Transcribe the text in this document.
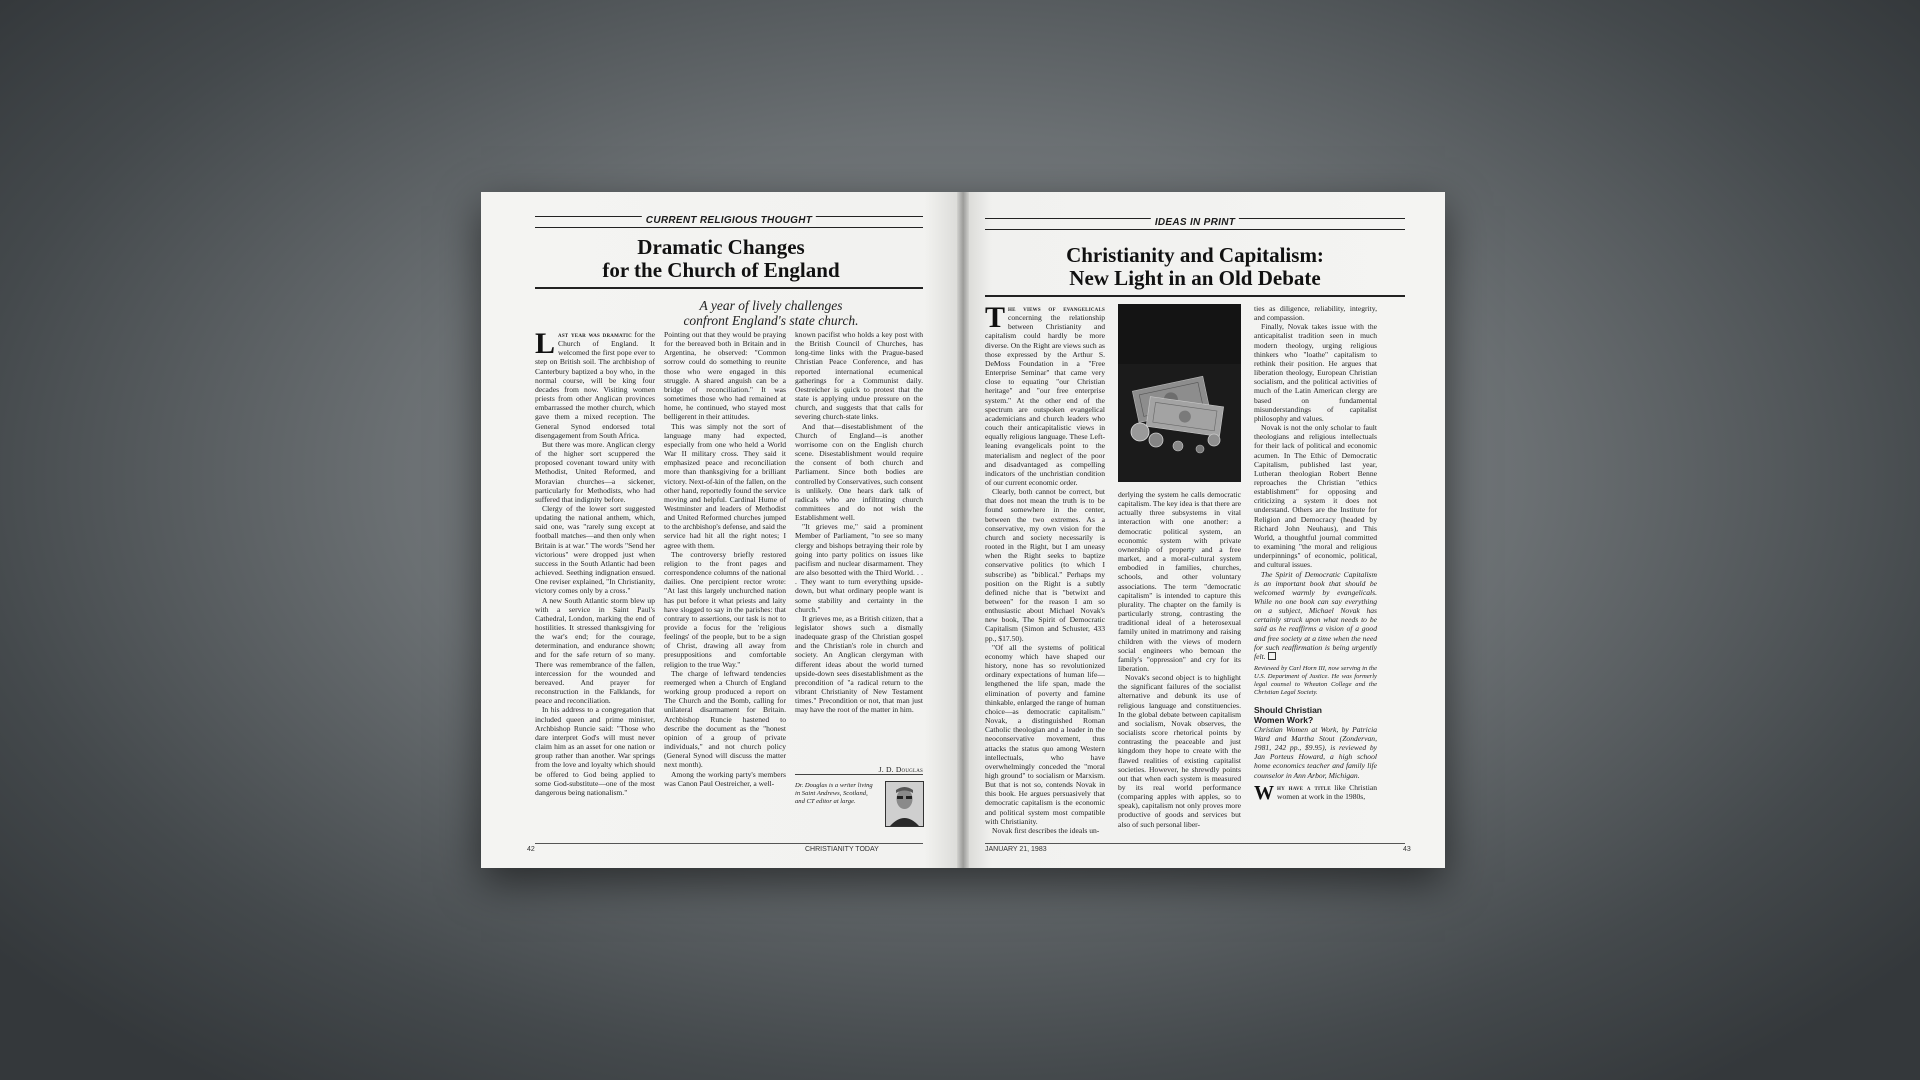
CURRENT RELIGIOUS THOUGHT
Dramatic Changes
for the Church of England
A year of lively challenges
confront England's state church.

Last year was dramatic for the Church of England. It welcomed the first pope ever to step on British soil. The archbishop of Canterbury baptized a boy who, in the normal course, will be king four decades from now. Visiting women priests from other Anglican provinces embarrassed the mother church, which gave them a mixed reception. The General Synod endorsed total disengagement from South Africa.

But there was more. Anglican clergy of the higher sort scuppered the proposed covenant toward unity with Methodist, United Reformed, and Moravian churches—a sickener, particularly for Methodists, who had suffered that indignity before.

Clergy of the lower sort suggested updating the national anthem, which, said one, was "rarely sung except at football matches—and then only when Britain is at war." The words "Send her victorious" were dropped just when success in the South Atlantic had been achieved. Seething indignation ensued. One reviser explained, "In Christianity, victory comes only by a cross."

A new South Atlantic storm blew up with a service in Saint Paul's Cathedral, London, marking the end of hostilities. It stressed thanksgiving for the war's end; for the courage, determination, and endurance shown; and for the safe return of so many. There was remembrance of the fallen, intercession for the wounded and bereaved. And prayer for reconstruction in the Falklands, for peace and reconciliation.

In his address to a congregation that included queen and prime minister, Archbishop Runcie said: "Those who dare interpret God's will must never claim him as an asset for one nation or group rather than another. War springs from the love and loyalty which should be offered to God being applied to some God-substitute—one of the most dangerous being nationalism."

Pointing out that they would be praying for the bereaved both in Britain and in Argentina, he observed: "Common sorrow could do something to reunite those who were engaged in this struggle. A shared anguish can be a bridge of reconciliation." It was sometimes those who had remained at home, he continued, who stayed most belligerent in their attitudes.

This was simply not the sort of language many had expected, especially from one who held a World War II military cross. They said it emphasized peace and reconciliation more than thanksgiving for a brilliant victory. Next-of-kin of the fallen, on the other hand, reportedly found the service moving and helpful. Cardinal Hume of Westminster and leaders of Methodist and United Reformed churches jumped to the archbishop's defense, and said the service had hit all the right notes; I agree with them.

The controversy briefly restored religion to the front pages and correspondence columns of the national dailies. One percipient rector wrote: "At last this largely unchurched nation has put before it what priests and laity have slogged to say in the parishes: that contrary to assertions, our task is not to provide a focus for the 'religious feelings' of the people, but to be a sign of Christ, drawing all away from presuppositions and comfortable religion to the true Way."

The charge of leftward tendencies reemerged when a Church of England working group produced a report on The Church and the Bomb, calling for unilateral disarmament for Britain. Archbishop Runcie hastened to describe the document as the "honest opinion of a group of private individuals," and not church policy (General Synod will discuss the matter next month).

Among the working party's members was Canon Paul Oestreicher, a well-

known pacifist who holds a key post with the British Council of Churches, has long-time links with the Prague-based Christian Peace Conference, and has reported international ecumenical gatherings for a Communist daily. Oestreicher is quick to protest that the state is applying undue pressure on the church, and suggests that that calls for severing church-state links.

And that—disestablishment of the Church of England—is another worrisome con on the English church scene. Disestablishment would require the consent of both church and Parliament. Since both bodies are controlled by Conservatives, such consent is unlikely. One hears dark talk of radicals who are infiltrating church committees and do not wish the Establishment well.

"It grieves me," said a prominent Member of Parliament, "to see so many clergy and bishops betraying their role by going into party politics on issues like pacifism and nuclear disarmament. They are also besotted with the Third World. . . . They want to turn everything upside-down, but what ordinary people want is some stability and certainty in the church."

It grieves me, as a British citizen, that a legislator shows such a dismally inadequate grasp of the Christian gospel and the Christian's role in church and society. An Anglican clergyman with different ideas about the world turned upside-down sees disestablishment as the precondition of "a radical return to the vibrant Christianity of New Testament times." Precondition or not, that man just may have the root of the matter in him.

J. D. Douglas
Dr. Douglas is a writer living in Saint Andrews, Scotland, and CT editor at large.
42	CHRISTIANITY TODAY
IDEAS IN PRINT
Christianity and Capitalism:
New Light in an Old Debate

The views of evangelicals concerning the relationship between Christianity and capitalism could hardly be more diverse. On the Right are views such as those expressed by the Arthur S. DeMoss Foundation in a "Free Enterprise Seminar" that came very close to equating "our Christian heritage" and "our free enterprise system." At the other end of the spectrum are outspoken evangelical academicians and church leaders who couch their anticapitalistic views in equally religious language. These Left-leaning evangelicals point to the materialism and neglect of the poor and disadvantaged as compelling indicators of the unchristian condition of our current economic order.

Clearly, both cannot be correct, but that does not mean the truth is to be found somewhere in the center, between the two extremes. As a conservative, my own vision for the church and society necessarily is rooted in the Right, but I am uneasy when the Right seeks to baptize conservative politics (to which I subscribe) as "biblical." Perhaps my position on the Right is a subtly defined niche that is "betwixt and between" for the reason I am so enthusiastic about Michael Novak's new book, The Spirit of Democratic Capitalism (Simon and Schuster, 433 pp., $17.50).

"Of all the systems of political economy which have shaped our history, none has so revolutionized ordinary expectations of human life—lengthened the life span, made the elimination of poverty and famine thinkable, enlarged the range of human choice—as democratic capitalism." Novak, a distinguished Roman Catholic theologian and a leader in the neoconservative movement, thus attacks the status quo among Western intellectuals, who have overwhelmingly conceded the "moral high ground" to socialism or Marxism. But that is not so, contends Novak in this book. He argues persuasively that democratic capitalism is the economic and political system most compatible with Christianity.

Novak first describes the ideals un-

derlying the system he calls democratic capitalism. The key idea is that there are actually three subsystems in vital interaction with one another: a democratic political system, an economic system with private ownership of property and a free market, and a moral-cultural system embodied in families, churches, schools, and other voluntary associations. The term "democratic capitalism" is intended to capture this plurality. The chapter on the family is particularly strong, contrasting the traditional ideal of a heterosexual family united in matrimony and raising children with the views of modern social engineers who bemoan the family's "oppression" and cry for its liberation.

Novak's second object is to highlight the significant failures of the socialist alternative and debunk its use of religious language and constituencies. In the global debate between capitalism and socialism, Novak observes, the socialists score rhetorical points by contrasting the peaceable and just kingdom they hope to create with the flawed realities of existing capitalist societies. However, he shrewdly points out that when each system is measured by its real world performance (comparing apples with apples, so to speak), capitalism not only proves more productive of goods and services but also of such personal liber-

ties as diligence, reliability, integrity, and compassion.

Finally, Novak takes issue with the anticapitalist tradition seen in much modern theology, urging religious thinkers who "loathe" capitalism to rethink their position. He argues that liberation theology, European Christian socialism, and the political activities of much of the Latin American clergy are based on fundamental misunderstandings of capitalist philosophy and values.

Novak is not the only scholar to fault theologians and religious intellectuals for their lack of political and economic acumen. In The Ethic of Democratic Capitalism, published last year, Lutheran theologian Robert Benne reproaches the Christian "ethics establishment" for opposing and criticizing a system it does not understand. Others are the Institute for Religion and Democracy (headed by Richard John Neuhaus), and This World, a thoughtful journal committed to examining "the moral and religious underpinnings" of economic, political, and cultural issues.

The Spirit of Democratic Capitalism is an important book that should be welcomed warmly by evangelicals. While no one book can say everything on a subject, Michael Novak has certainly struck upon what needs to be said as he reaffirms a vision of a good and free society at a time when the need for such reaffirmation is being urgently felt.

Reviewed by Carl Horn III, now serving in the U.S. Department of Justice. He was formerly legal counsel to Wheaton College and the Christian Legal Society.
Should Christian
Women Work?

Christian Women at Work, by Patricia Ward and Martha Stout (Zondervan, 1981, 242 pp., $9.95), is reviewed by Jan Porteus Howard, a high school home economics teacher and family life counselor in Ann Arbor, Michigan.

Why have a title like Christian women at work in the 1980s,

JANUARY 21, 1983	43
